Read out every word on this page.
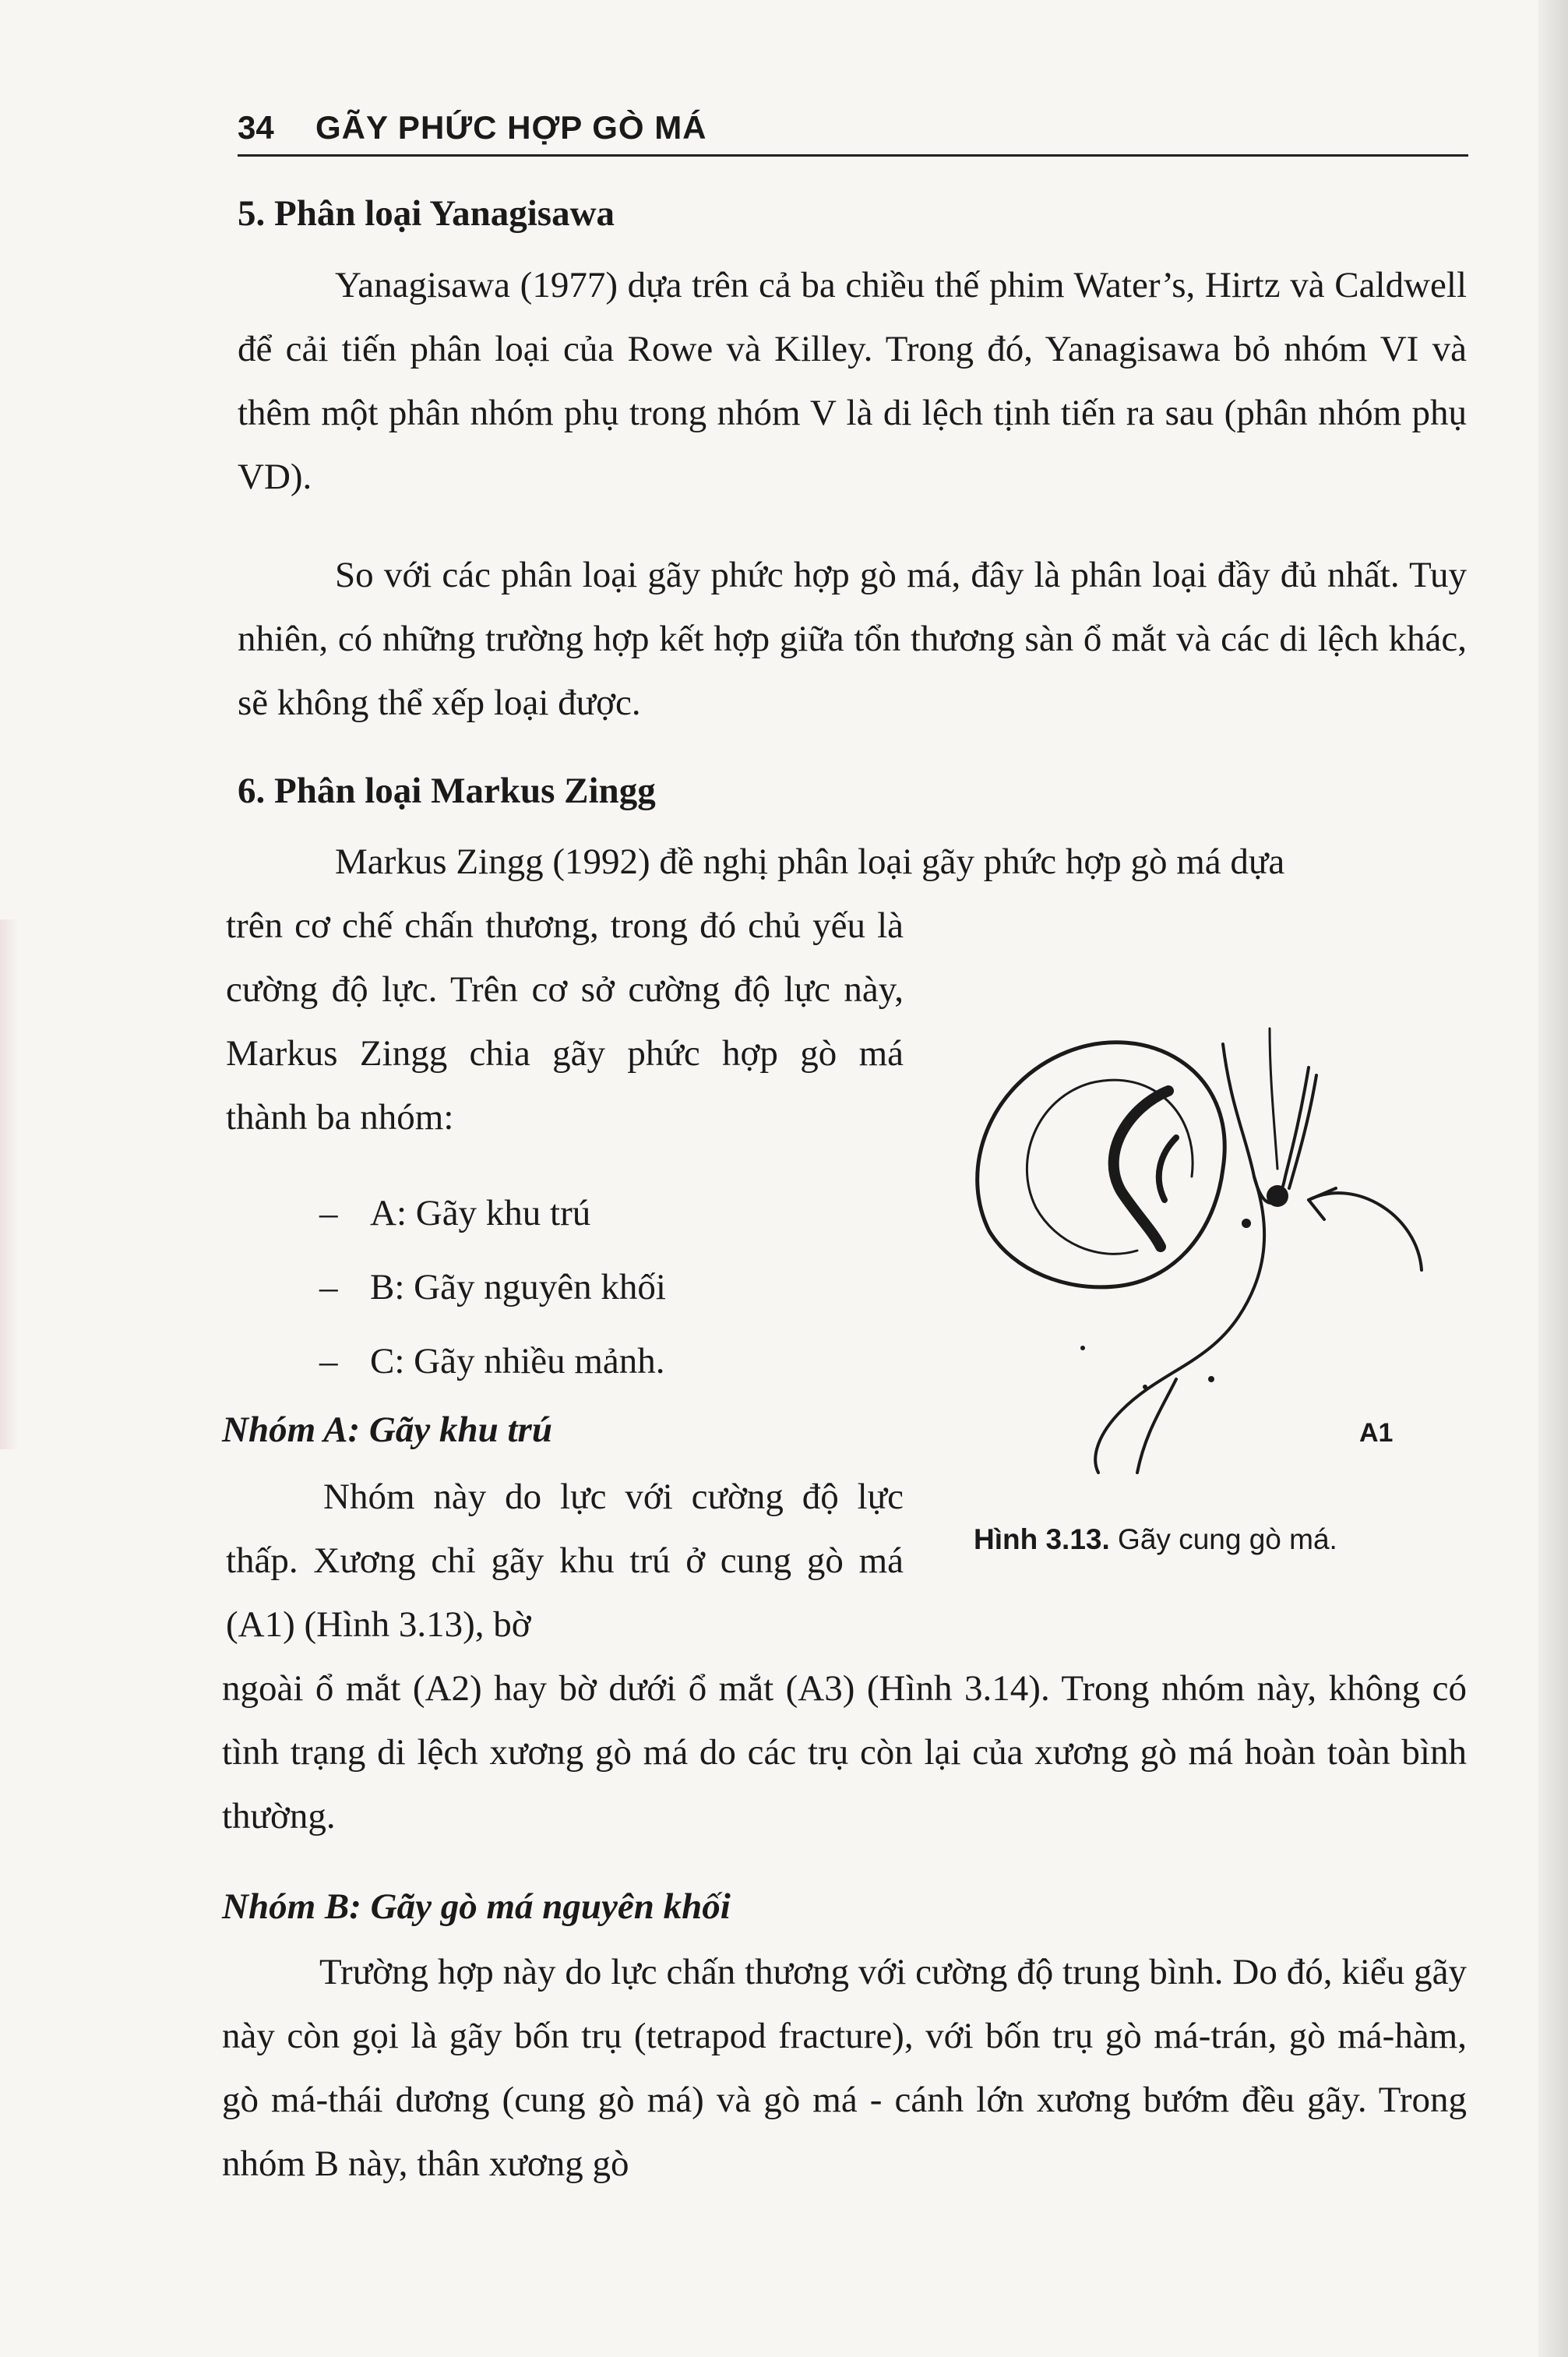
34 GÃY PHỨC HỢP GÒ MÁ
5. Phân loại Yanagisawa

Yanagisawa (1977) dựa trên cả ba chiều thế phim Water’s, Hirtz và Caldwell để cải tiến phân loại của Rowe và Killey. Trong đó, Yanagisawa bỏ nhóm VI và thêm một phân nhóm phụ trong nhóm V là di lệch tịnh tiến ra sau (phân nhóm phụ VD).

So với các phân loại gãy phức hợp gò má, đây là phân loại đầy đủ nhất. Tuy nhiên, có những trường hợp kết hợp giữa tổn thương sàn ổ mắt và các di lệch khác, sẽ không thể xếp loại được.

6. Phân loại Markus Zingg

Markus Zingg (1992) đề nghị phân loại gãy phức hợp gò má dựa

trên cơ chế chấn thương, trong đó chủ yếu là cường độ lực. Trên cơ sở cường độ lực này, Markus Zingg chia gãy phức hợp gò má thành ba nhóm:

– A: Gãy khu trú
– B: Gãy nguyên khối
– C: Gãy nhiều mảnh.
Nhóm A: Gãy khu trú

Nhóm này do lực với cường độ lực thấp. Xương chỉ gãy khu trú ở cung gò má (A1) (Hình 3.13), bờ

ngoài ổ mắt (A2) hay bờ dưới ổ mắt (A3) (Hình 3.14). Trong nhóm này, không có tình trạng di lệch xương gò má do các trụ còn lại của xương gò má hoàn toàn bình thường.

Nhóm B: Gãy gò má nguyên khối

Trường hợp này do lực chấn thương với cường độ trung bình. Do đó, kiểu gãy này còn gọi là gãy bốn trụ (tetrapod fracture), với bốn trụ gò má-trán, gò má-hàm, gò má-thái dương (cung gò má) và gò má - cánh lớn xương bướm đều gãy. Trong nhóm B này, thân xương gò

A1
Hình 3.13. Gãy cung gò má.
